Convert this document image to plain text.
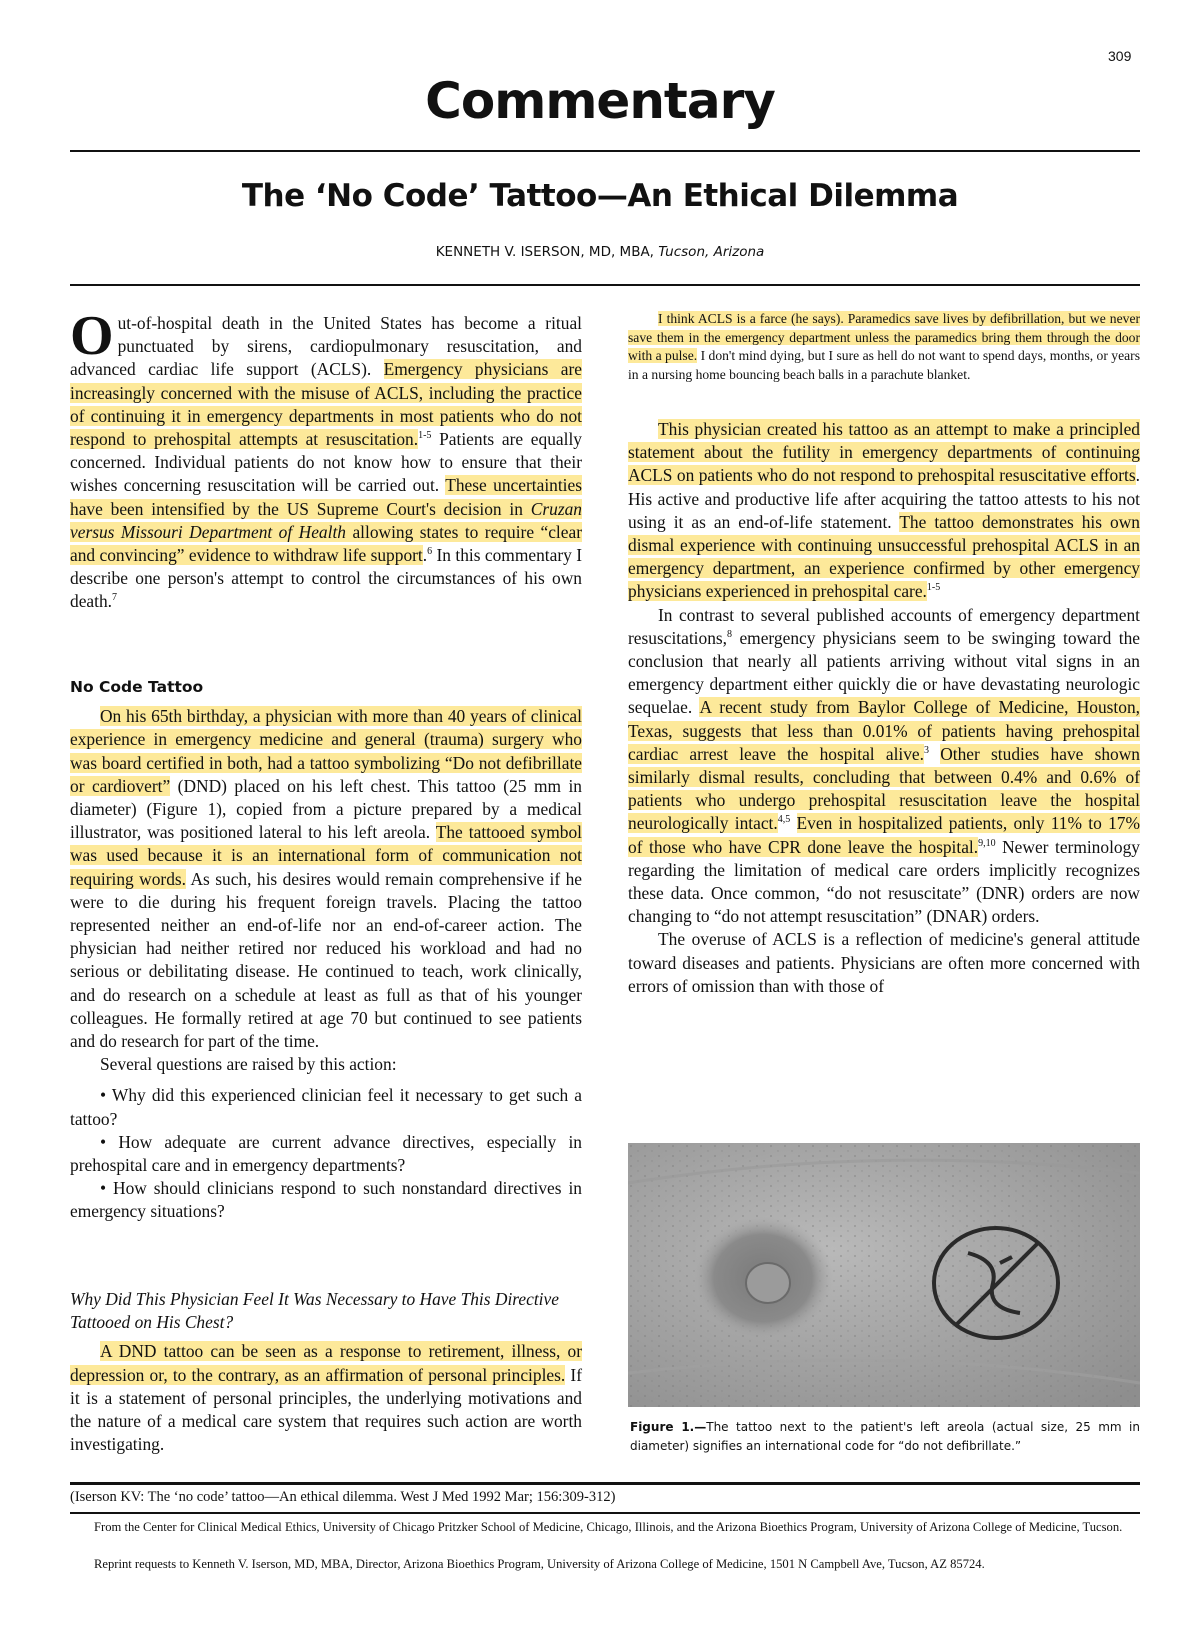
309
Commentary
The ‘No Code’ Tattoo—An Ethical Dilemma
KENNETH V. ISERSON, MD, MBA, Tucson, Arizona

Out-of-hospital death in the United States has become a ritual punctuated by sirens, cardiopulmonary resuscitation, and advanced cardiac life support (ACLS). Emergency physicians are increasingly concerned with the misuse of ACLS, including the practice of continuing it in emergency departments in most patients who do not respond to prehospital attempts at resuscitation.$^{1-5}$ Patients are equally concerned. Individual patients do not know how to ensure that their wishes concerning resuscitation will be carried out. These uncertainties have been intensified by the US Supreme Court's decision in Cruzan versus Missouri Department of Health allowing states to require “clear and convincing” evidence to withdraw life support.$^6$ In this commentary I describe one person's attempt to control the circumstances of his own death.$^7$

No Code Tattoo

On his 65th birthday, a physician with more than 40 years of clinical experience in emergency medicine and general (trauma) surgery who was board certified in both, had a tattoo symbolizing “Do not defibrillate or cardiovert” (DND) placed on his left chest. This tattoo (25 mm in diameter) (Figure 1), copied from a picture prepared by a medical illustrator, was positioned lateral to his left areola. The tattooed symbol was used because it is an international form of communication not requiring words. As such, his desires would remain comprehensive if he were to die during his frequent foreign travels. Placing the tattoo represented neither an end-of-life nor an end-of-career action. The physician had neither retired nor reduced his workload and had no serious or debilitating disease. He continued to teach, work clinically, and do research on a schedule at least as full as that of his younger colleagues. He formally retired at age 70 but continued to see patients and do research for part of the time.

Several questions are raised by this action:

• Why did this experienced clinician feel it necessary to get such a tattoo?

• How adequate are current advance directives, especially in prehospital care and in emergency departments?

• How should clinicians respond to such nonstandard directives in emergency situations?

Why Did This Physician Feel It Was Necessary to Have This Directive Tattooed on His Chest?

A DND tattoo can be seen as a response to retirement, illness, or depression or, to the contrary, as an affirmation of personal principles. If it is a statement of personal principles, the underlying motivations and the nature of a medical care system that requires such action are worth investigating.

I think ACLS is a farce (he says). Paramedics save lives by defibrillation, but we never save them in the emergency department unless the paramedics bring them through the door with a pulse. I don't mind dying, but I sure as hell do not want to spend days, months, or years in a nursing home bouncing beach balls in a parachute blanket.

This physician created his tattoo as an attempt to make a principled statement about the futility in emergency departments of continuing ACLS on patients who do not respond to prehospital resuscitative efforts. His active and productive life after acquiring the tattoo attests to his not using it as an end-of-life statement. The tattoo demonstrates his own dismal experience with continuing unsuccessful prehospital ACLS in an emergency department, an experience confirmed by other emergency physicians experienced in prehospital care.$^{1-5}$

In contrast to several published accounts of emergency department resuscitations,$^8$ emergency physicians seem to be swinging toward the conclusion that nearly all patients arriving without vital signs in an emergency department either quickly die or have devastating neurologic sequelae. A recent study from Baylor College of Medicine, Houston, Texas, suggests that less than 0.01% of patients having prehospital cardiac arrest leave the hospital alive.$^3$ Other studies have shown similarly dismal results, concluding that between 0.4% and 0.6% of patients who undergo prehospital resuscitation leave the hospital neurologically intact.$^{4,5}$ Even in hospitalized patients, only 11% to 17% of those who have CPR done leave the hospital.$^{9,10}$ Newer terminology regarding the limitation of medical care orders implicitly recognizes these data. Once common, “do not resuscitate” (DNR) orders are now changing to “do not attempt resuscitation” (DNAR) orders.

The overuse of ACLS is a reflection of medicine's general attitude toward diseases and patients. Physicians are often more concerned with errors of omission than with those of

Figure 1.—The tattoo next to the patient's left areola (actual size, 25 mm in diameter) signifies an international code for “do not defibrillate.”
(Iserson KV: The ‘no code’ tattoo—An ethical dilemma. West J Med 1992 Mar; 156:309-312)
From the Center for Clinical Medical Ethics, University of Chicago Pritzker School of Medicine, Chicago, Illinois, and the Arizona Bioethics Program, University of Arizona College of Medicine, Tucson.
Reprint requests to Kenneth V. Iserson, MD, MBA, Director, Arizona Bioethics Program, University of Arizona College of Medicine, 1501 N Campbell Ave, Tucson, AZ 85724.
